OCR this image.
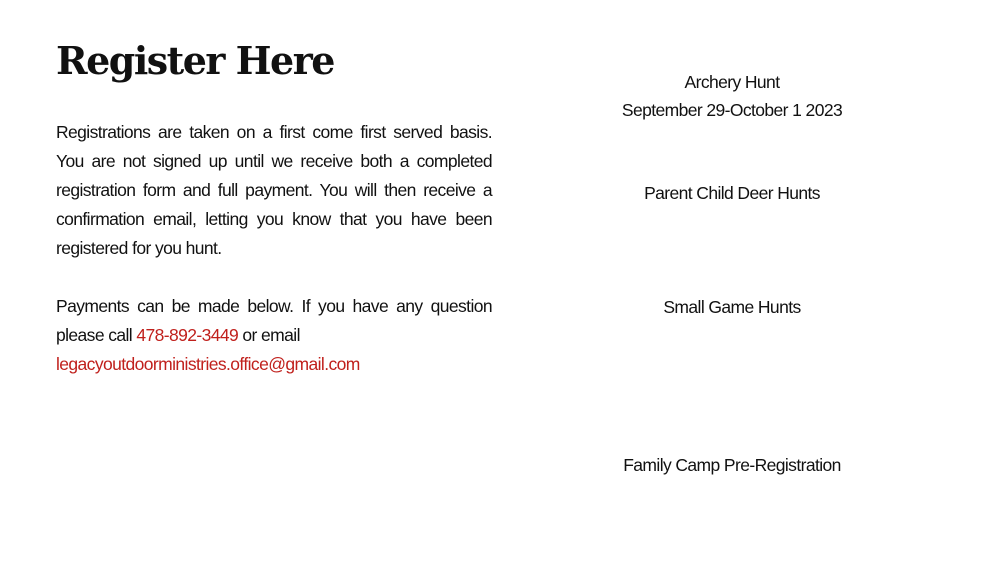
Register Here

Registrations are taken on a first come first served basis. You are not signed up until we receive both a completed registration form and full payment. You will then receive a confirmation email, letting you know that you have been registered for you hunt.

Payments can be made below. If you have any question please call 478-892-3449 or email
legacyoutdoorministries.office@gmail.com

Archery Hunt
September 29-October 1 2023
Parent Child Deer Hunts
Small Game Hunts
Family Camp Pre-Registration
